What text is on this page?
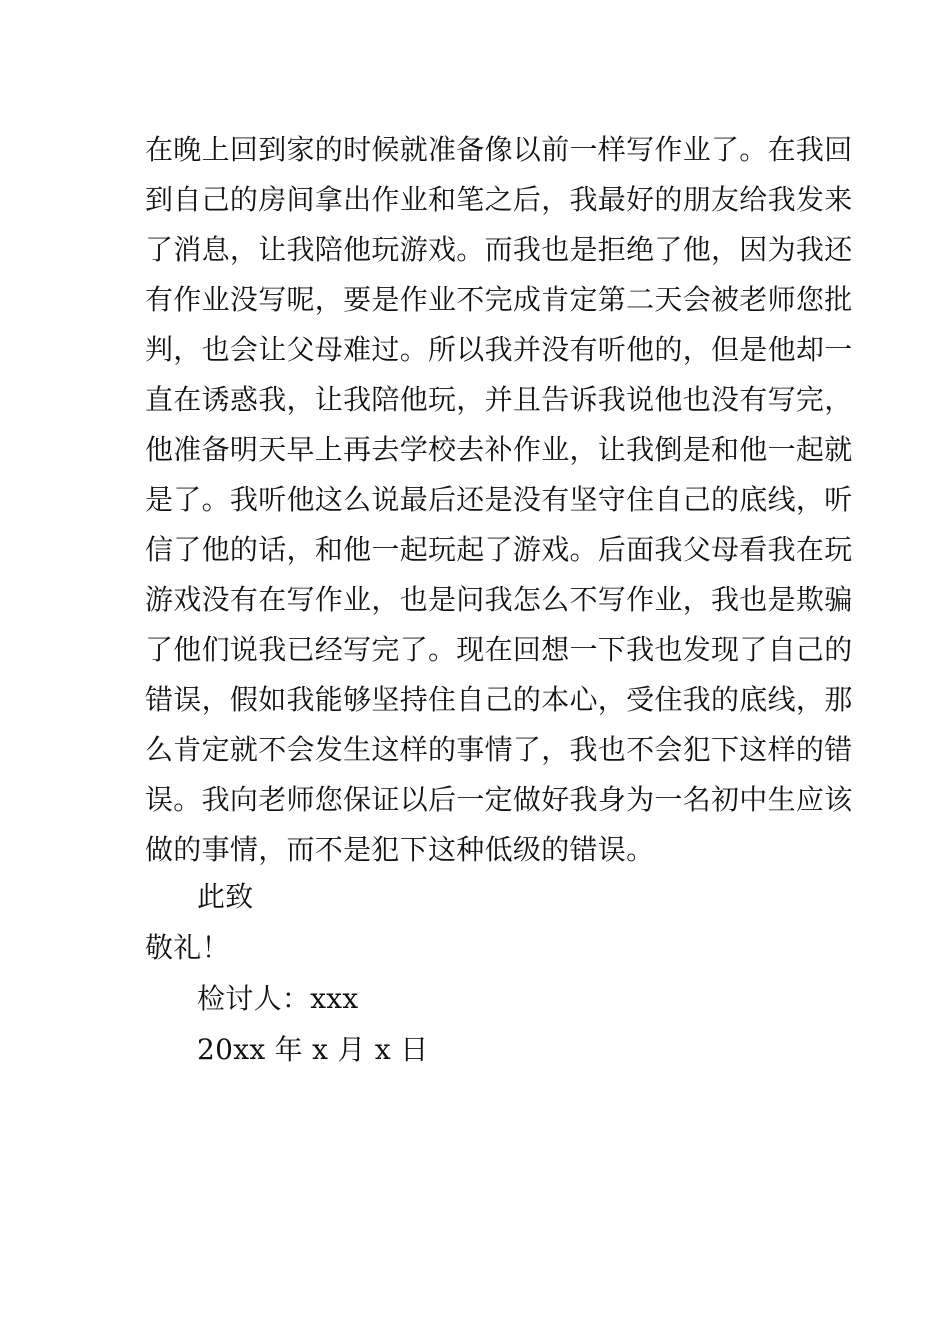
在晚上回到家的时候就准备像以前一样写作业了。在我回
到自己的房间拿出作业和笔之后，我最好的朋友给我发来
了消息，让我陪他玩游戏。而我也是拒绝了他，因为我还
有作业没写呢，要是作业不完成肯定第二天会被老师您批
判，也会让父母难过。所以我并没有听他的，但是他却一
直在诱惑我，让我陪他玩，并且告诉我说他也没有写完，
他准备明天早上再去学校去补作业，让我倒是和他一起就
是了。我听他这么说最后还是没有坚守住自己的底线，听
信了他的话，和他一起玩起了游戏。后面我父母看我在玩
游戏没有在写作业，也是问我怎么不写作业，我也是欺骗
了他们说我已经写完了。现在回想一下我也发现了自己的
错误，假如我能够坚持住自己的本心，受住我的底线，那
么肯定就不会发生这样的事情了，我也不会犯下这样的错
误。我向老师您保证以后一定做好我身为一名初中生应该
做的事情，而不是犯下这种低级的错误。
此致
敬礼！
检讨人：xxx
20xx 年 x 月 x 日
